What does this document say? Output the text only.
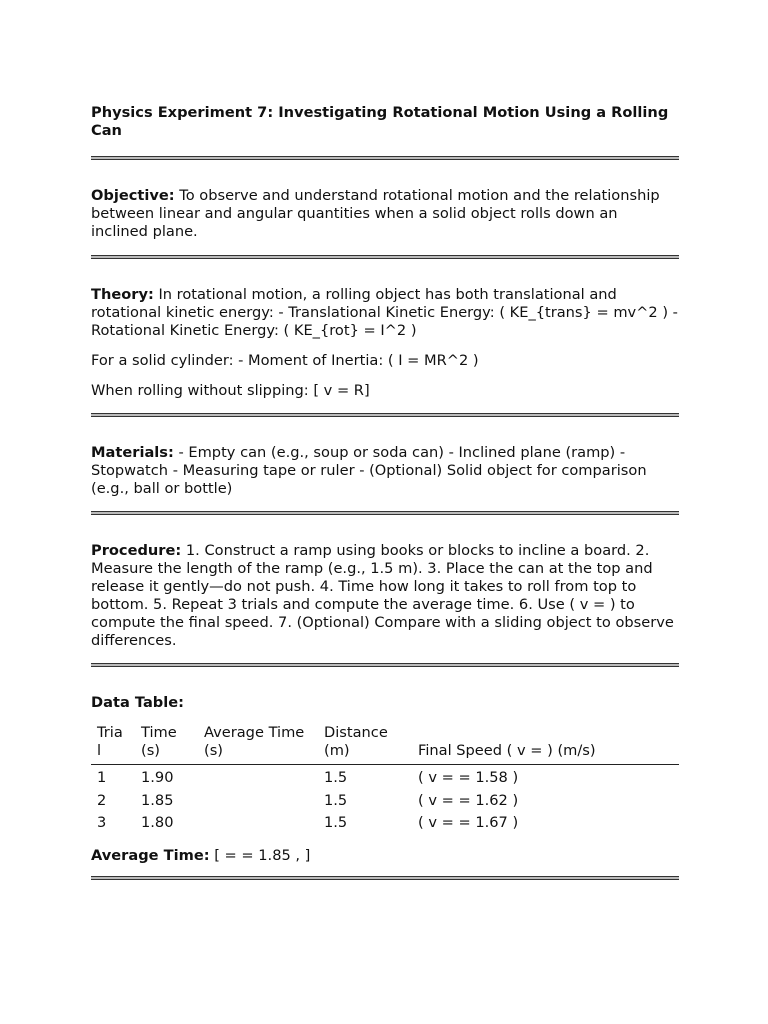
Physics Experiment 7: Investigating Rotational Motion Using a Rolling Can

Objective: To observe and understand rotational motion and the relationship between linear and angular quantities when a solid object rolls down an inclined plane.

Theory: In rotational motion, a rolling object has both translational and rotational kinetic energy: - Translational Kinetic Energy: ( KE_{trans} = mv^2 ) - Rotational Kinetic Energy: ( KE_{rot} = I^2 )

For a solid cylinder: - Moment of Inertia: ( I = MR^2 )

When rolling without slipping: [ v = R]

Materials: - Empty can (e.g., soup or soda can) - Inclined plane (ramp) - Stopwatch - Measuring tape or ruler - (Optional) Solid object for comparison (e.g., ball or bottle)

Procedure: 1. Construct a ramp using books or blocks to incline a board. 2. Measure the length of the ramp (e.g., 1.5 m). 3. Place the can at the top and release it gently—do not push. 4. Time how long it takes to roll from top to bottom. 5. Repeat 3 trials and compute the average time. 6. Use ( v = ) to compute the final speed. 7. (Optional) Compare with a sliding object to observe differences.

Data Table:

Tria l	Time (s)	Average Time (s)	Distance (m)	Final Speed ( v = ) (m/s)
1	1.90		1.5	( v = = 1.58 )
2	1.85		1.5	( v = = 1.62 )
3	1.80		1.5	( v = = 1.67 )

Average Time: [ = = 1.85 , ]
